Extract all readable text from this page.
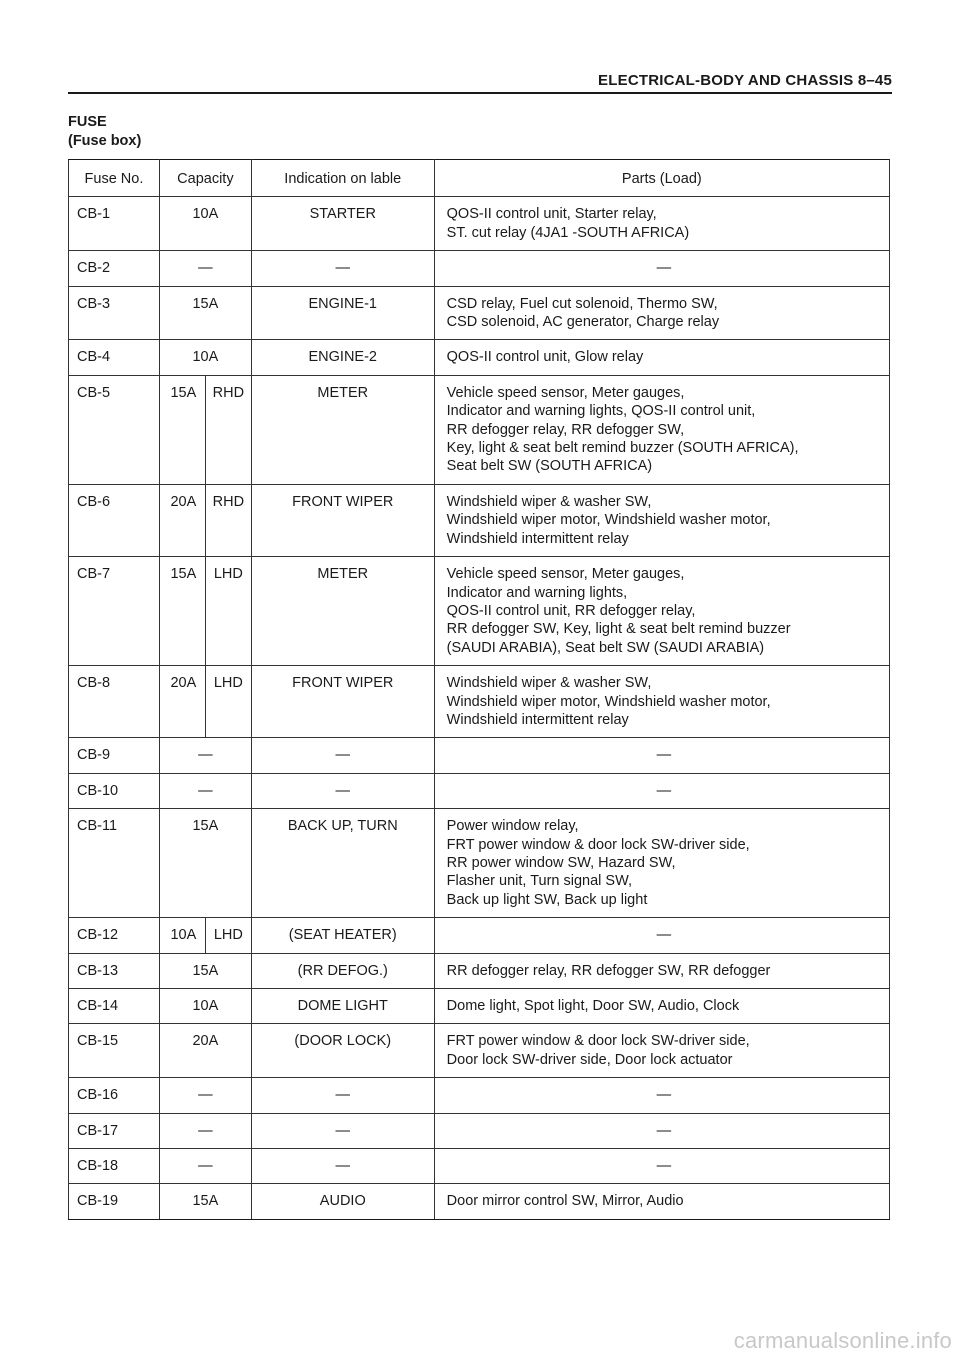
ELECTRICAL-BODY AND CHASSIS 8–45
FUSE
(Fuse box)
Fuse No.	Capacity		Indication on lable	Parts (Load)
CB-1	10A		STARTER	QOS-II control unit, Starter relay,
ST. cut relay (4JA1 -SOUTH AFRICA)
CB-2	—		—	—
CB-3	15A		ENGINE-1	CSD relay, Fuel cut solenoid, Thermo SW,
CSD solenoid, AC generator, Charge relay
CB-4	10A		ENGINE-2	QOS-II control unit, Glow relay
CB-5	15A	RHD	METER	Vehicle speed sensor, Meter gauges,
Indicator and warning lights, QOS-II control unit,
RR defogger relay, RR defogger SW,
Key, light & seat belt remind buzzer (SOUTH AFRICA),
Seat belt SW (SOUTH AFRICA)
CB-6	20A	RHD	FRONT WIPER	Windshield wiper & washer SW,
Windshield wiper motor, Windshield washer motor,
Windshield intermittent relay
CB-7	15A	LHD	METER	Vehicle speed sensor, Meter gauges,
Indicator and warning lights,
QOS-II control unit, RR defogger relay,
RR defogger SW, Key, light & seat belt remind buzzer
(SAUDI ARABIA), Seat belt SW (SAUDI ARABIA)
CB-8	20A	LHD	FRONT WIPER	Windshield wiper & washer SW,
Windshield wiper motor, Windshield washer motor,
Windshield intermittent relay
CB-9	—		—	—
CB-10	—		—	—
CB-11	15A		BACK UP, TURN	Power window relay,
FRT power window & door lock SW-driver side,
RR power window SW, Hazard SW,
Flasher unit, Turn signal SW,
Back up light SW, Back up light
CB-12	10A	LHD	(SEAT HEATER)	—
CB-13	15A		(RR DEFOG.)	RR defogger relay, RR defogger SW, RR defogger
CB-14	10A		DOME LIGHT	Dome light, Spot light, Door SW, Audio, Clock
CB-15	20A		(DOOR LOCK)	FRT power window & door lock SW-driver side,
Door lock SW-driver side, Door lock actuator
CB-16	—		—	—
CB-17	—		—	—
CB-18	—		—	—
CB-19	15A		AUDIO	Door mirror control SW, Mirror, Audio
carmanualsonline.info
